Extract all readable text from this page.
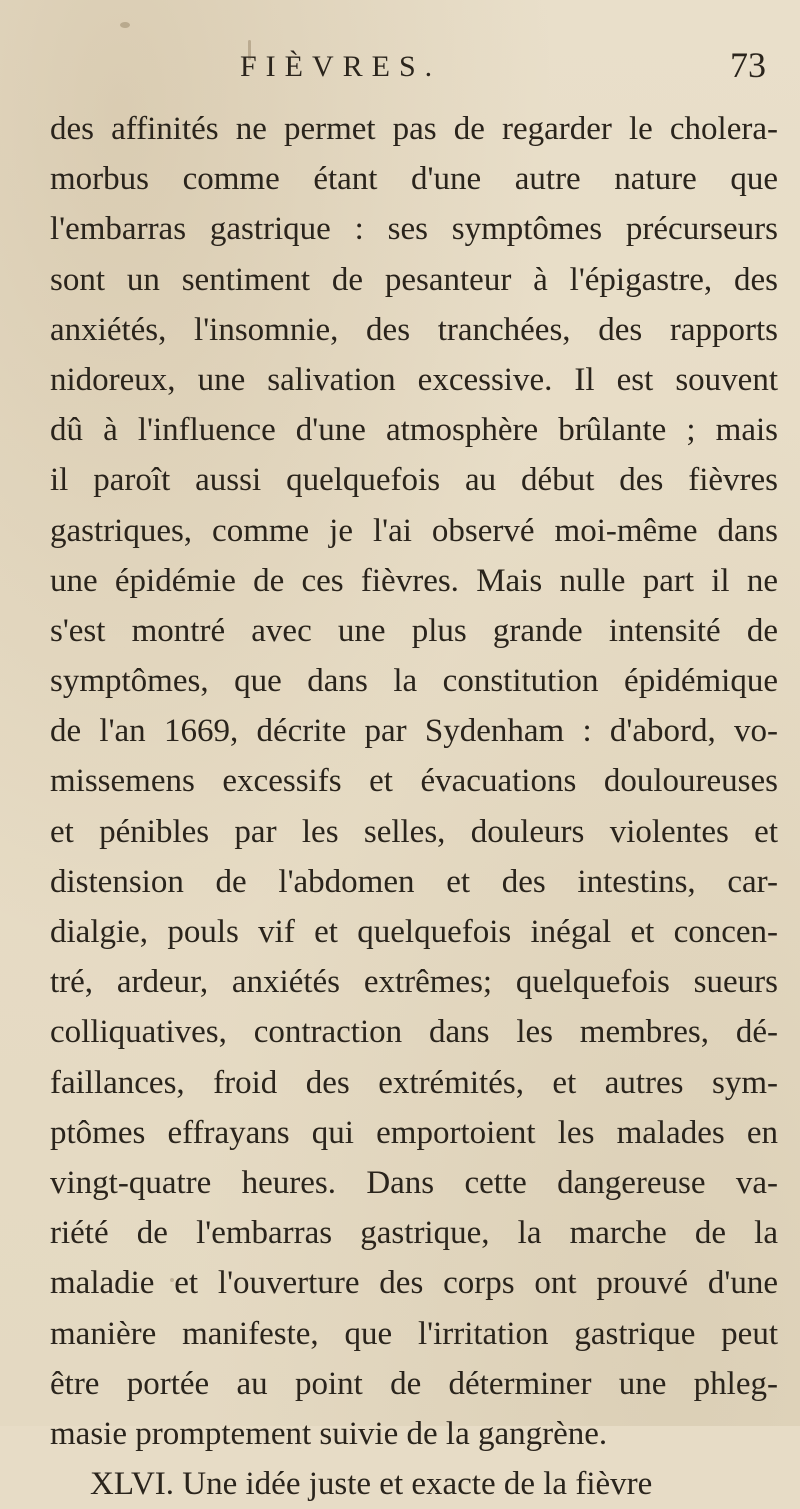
FIÈVRES.	73
des affinités ne permet pas de regarder le cholera-
morbus comme étant d'une autre nature que
l'embarras gastrique : ses symptômes précurseurs
sont un sentiment de pesanteur à l'épigastre, des
anxiétés, l'insomnie, des tranchées, des rapports
nidoreux, une salivation excessive. Il est souvent
dû à l'influence d'une atmosphère brûlante ; mais
il paroît aussi quelquefois au début des fièvres
gastriques, comme je l'ai observé moi-même dans
une épidémie de ces fièvres. Mais nulle part il ne
s'est montré avec une plus grande intensité de
symptômes, que dans la constitution épidémique
de l'an 1669, décrite par Sydenham : d'abord, vo-
missemens excessifs et évacuations douloureuses
et pénibles par les selles, douleurs violentes et
distension de l'abdomen et des intestins, car-
dialgie, pouls vif et quelquefois inégal et concen-
tré, ardeur, anxiétés extrêmes; quelquefois sueurs
colliquatives, contraction dans les membres, dé-
faillances, froid des extrémités, et autres sym-
ptômes effrayans qui emportoient les malades en
vingt-quatre heures. Dans cette dangereuse va-
riété de l'embarras gastrique, la marche de la
maladie et l'ouverture des corps ont prouvé d'une
manière manifeste, que l'irritation gastrique peut
être portée au point de déterminer une phleg-
masie promptement suivie de la gangrène.
XLVI. Une idée juste et exacte de la fièvre
